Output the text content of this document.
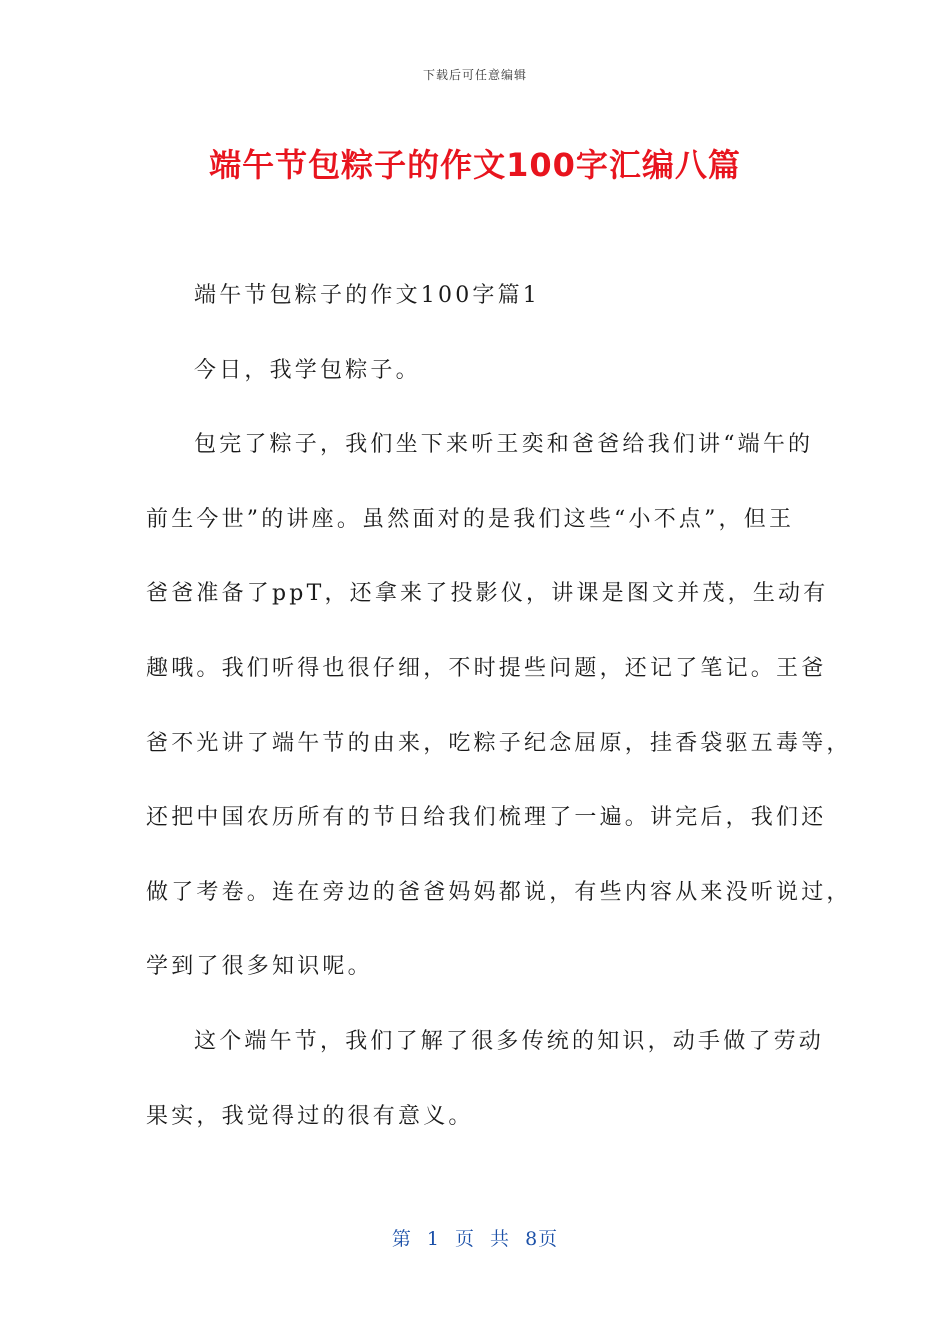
下载后可任意编辑
端午节包粽子的作文100字汇编八篇
端午节包粽子的作文100字篇1
今日，我学包粽子。
包完了粽子，我们坐下来听王奕和爸爸给我们讲“端午的
前生今世”的讲座。虽然面对的是我们这些“小不点”，但王
爸爸准备了ppT，还拿来了投影仪，讲课是图文并茂，生动有
趣哦。我们听得也很仔细，不时提些问题，还记了笔记。王爸
爸不光讲了端午节的由来，吃粽子纪念屈原，挂香袋驱五毒等，
还把中国农历所有的节日给我们梳理了一遍。讲完后，我们还
做了考卷。连在旁边的爸爸妈妈都说，有些内容从来没听说过，
学到了很多知识呢。
这个端午节，我们了解了很多传统的知识，动手做了劳动
果实，我觉得过的很有意义。
第 1 页 共 8页
